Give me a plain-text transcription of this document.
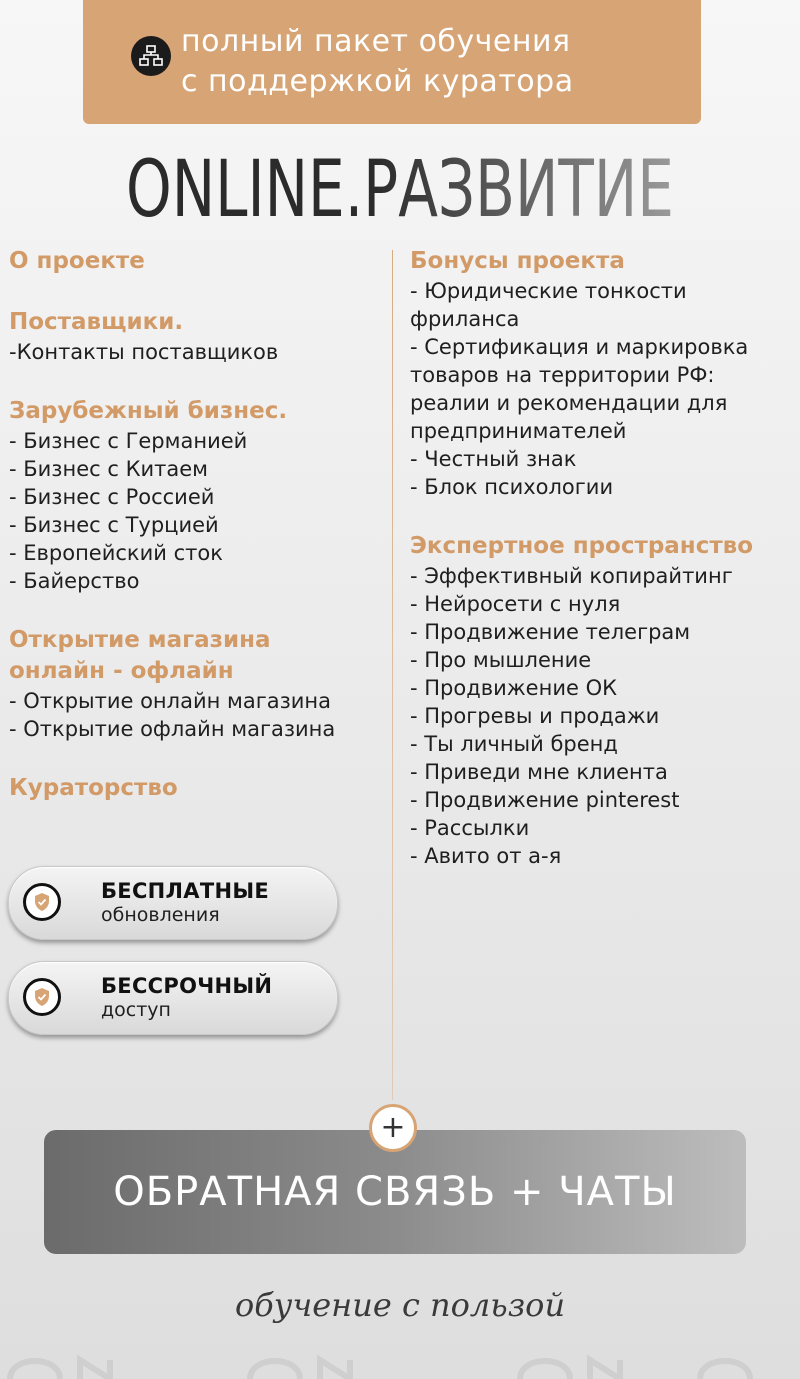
полный пакет обучения
с поддержкой куратора
ONLINE.РАЗВИТИЕ
О проекте
Поставщики.
-Контакты поставщиков
Зарубежный бизнес.
- Бизнес с Германией
- Бизнес с Китаем
- Бизнес с Россией
- Бизнес с Турцией
- Европейский сток
- Байерство
Открытие магазина
онлайн - офлайн
- Открытие онлайн магазина
- Открытие офлайн магазина
Кураторство
Бонусы проекта
- Юридические тонкости фриланса
- Сертификация и маркировка товаров на территории РФ: реалии и рекомендации для предпринимателей
- Честный знак
- Блок психологии
Экспертное пространство
- Эффективный копирайтинг
- Нейросети с нуля
- Продвижение телеграм
- Про мышление
- Продвижение ОК
- Прогревы и продажи
- Ты личный бренд
- Приведи мне клиента
- Продвижение pinterest
- Рассылки
- Авито от а-я
БЕСПЛАТНЫЕ
обновления
БЕССРОЧНЫЙ
доступ
+
ОБРАТНАЯ СВЯЗЬ + ЧАТЫ
обучение с пользой
